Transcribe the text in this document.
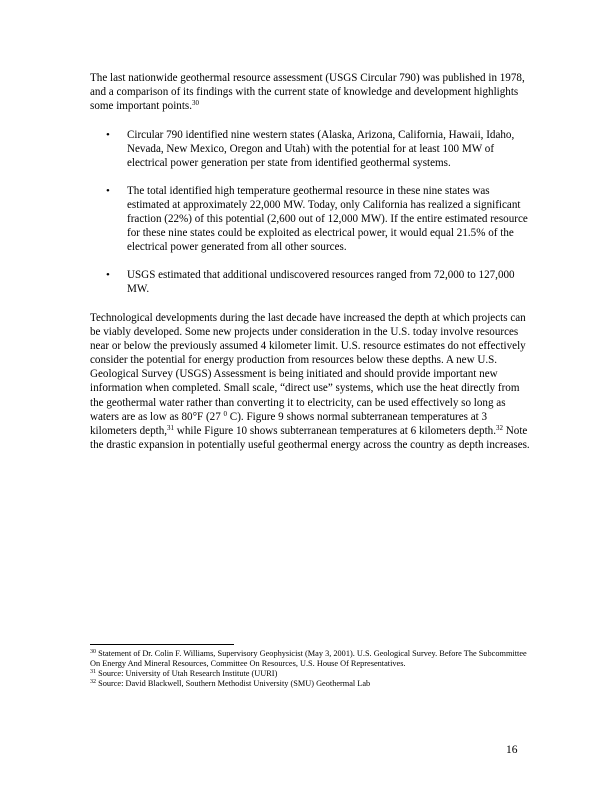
The last nationwide geothermal resource assessment (USGS Circular 790) was published in 1978, and a comparison of its findings with the current state of knowledge and development highlights some important points.$^{30}$

•	Circular 790 identified nine western states (Alaska, Arizona, California, Hawaii, Idaho, Nevada, New Mexico, Oregon and Utah) with the potential for at least 100 MW of electrical power generation per state from identified geothermal systems.

•	The total identified high temperature geothermal resource in these nine states was estimated at approximately 22,000 MW. Today, only California has realized a significant fraction (22%) of this potential (2,600 out of 12,000 MW). If the entire estimated resource for these nine states could be exploited as electrical power, it would equal 21.5% of the electrical power generated from all other sources.

•	USGS estimated that additional undiscovered resources ranged from 72,000 to 127,000 MW.

Technological developments during the last decade have increased the depth at which projects can be viably developed. Some new projects under consideration in the U.S. today involve resources near or below the previously assumed 4 kilometer limit. U.S. resource estimates do not effectively consider the potential for energy production from resources below these depths. A new U.S. Geological Survey (USGS) Assessment is being initiated and should provide important new information when completed. Small scale, “direct use” systems, which use the heat directly from the geothermal water rather than converting it to electricity, can be used effectively so long as waters are as low as 80°F (27 $^0$ C). Figure 9 shows normal subterranean temperatures at 3 kilometers depth,$^{31}$ while Figure 10 shows subterranean temperatures at 6 kilometers depth.$^{32}$ Note the drastic expansion in potentially useful geothermal energy across the country as depth increases.

$^{30}$ Statement of Dr. Colin F. Williams, Supervisory Geophysicist (May 3, 2001). U.S. Geological Survey. Before The Subcommittee On Energy And Mineral Resources, Committee On Resources, U.S. House Of Representatives.

$^{31}$ Source: University of Utah Research Institute (UURI)

$^{32}$ Source: David Blackwell, Southern Methodist University (SMU) Geothermal Lab

16
